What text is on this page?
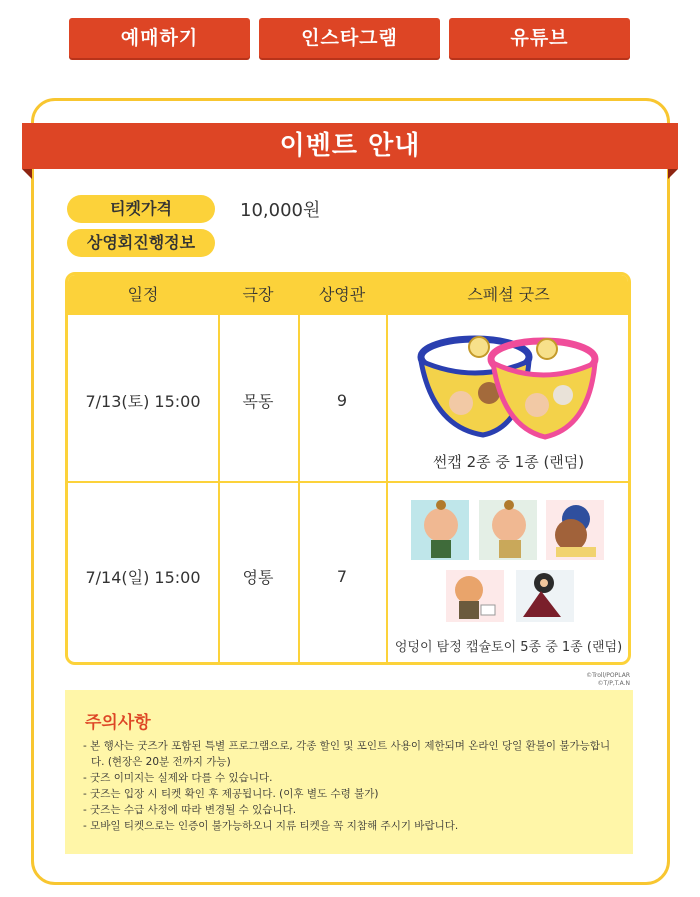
예매하기	인스타그램	유튜브
이벤트 안내
티켓가격	10,000원
상영회진행정보
일정	극장	상영관	스페셜 굿즈
7/13(토) 15:00	목동	9
썬캡 2종 중 1종 (랜덤)
7/14(일) 15:00	영통	7
엉덩이 탐정 캡슐토이 5종 중 1종 (랜덤)
©Troll/POPLAR
©T/P,T.A.N
주의사항
- 본 행사는 굿즈가 포함된 특별 프로그램으로, 각종 할인 및 포인트 사용이 제한되며 온라인 당일 환불이 불가능합니다. (현장은 20분 전까지 가능)
- 굿즈 이미지는 실제와 다를 수 있습니다.
- 굿즈는 입장 시 티켓 확인 후 제공됩니다. (이후 별도 수령 불가)
- 굿즈는 수급 사정에 따라 변경될 수 있습니다.
- 모바일 티켓으로는 인증이 불가능하오니 지류 티켓을 꼭 지참해 주시기 바랍니다.
